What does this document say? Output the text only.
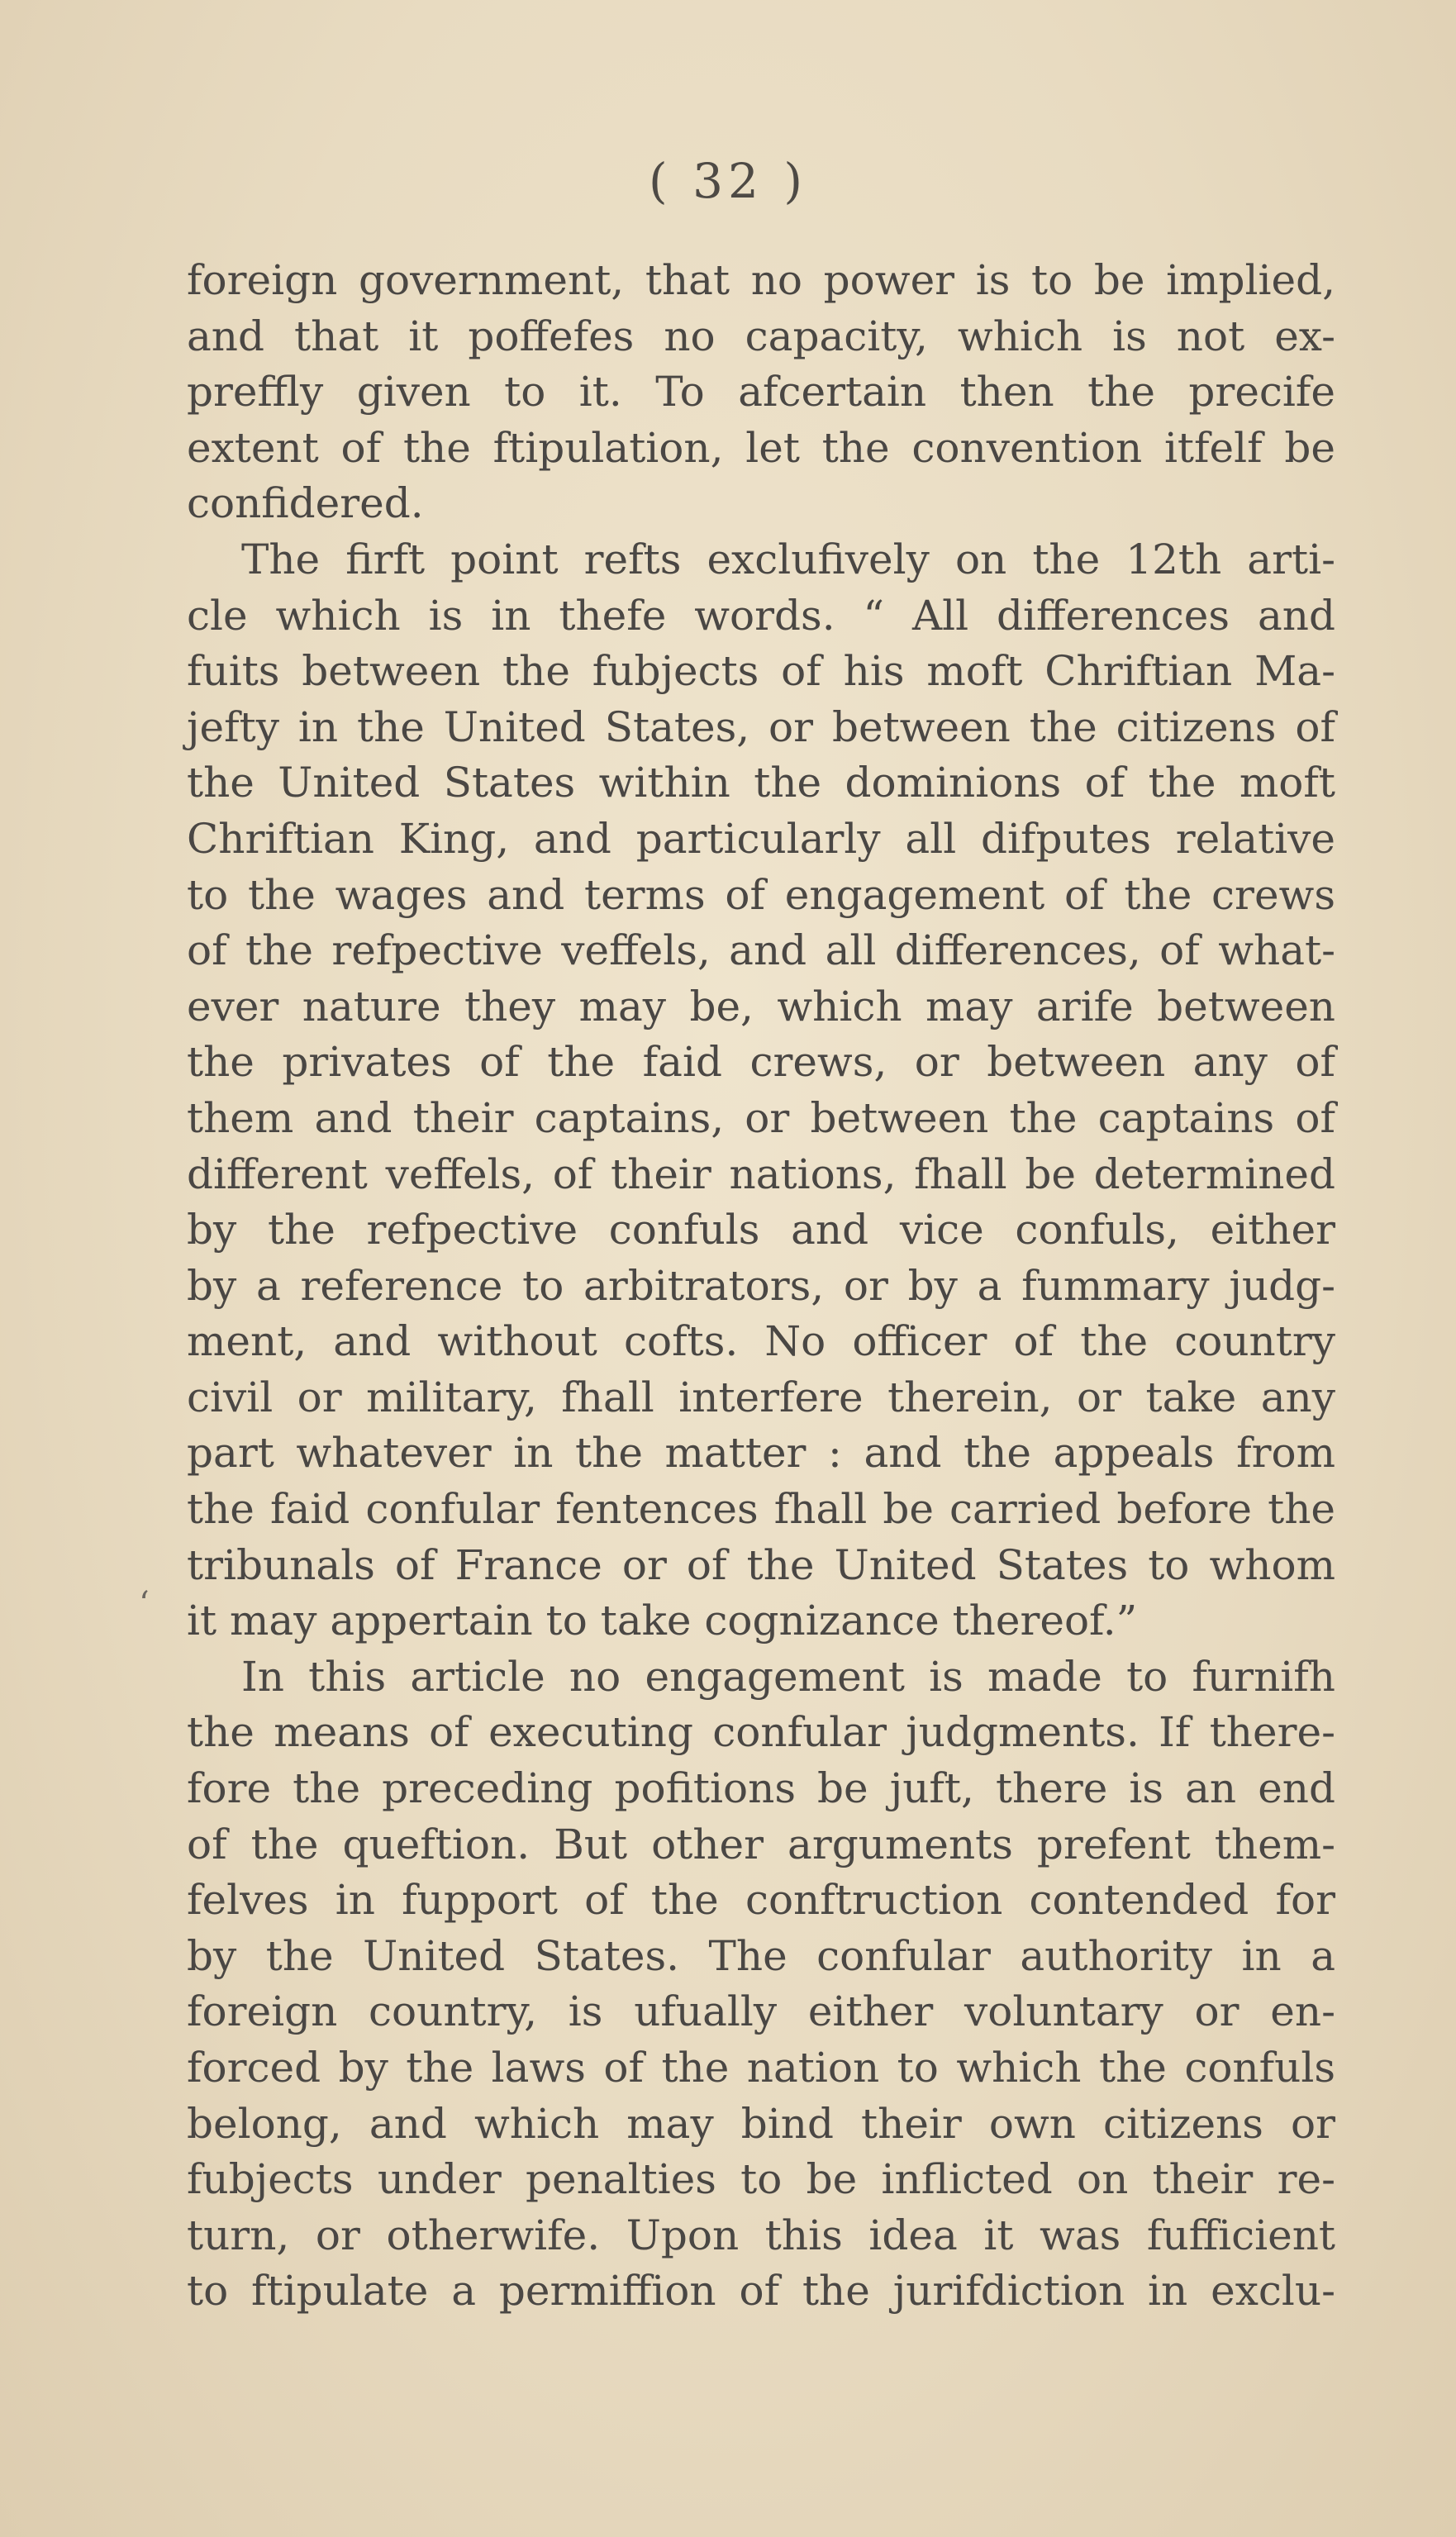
( 32 )
‘
foreign government, that no power is to be implied,
and that it poffefes no capacity, which is not ex-
preffly given to it. To afcertain then the precife
extent of the ftipulation, let the convention itfelf be
confidered.
The firft point refts exclufively on the 12th arti-
cle which is in thefe words. “ All differences and
fuits between the fubjects of his moft Chriftian Ma-
jefty in the United States, or between the citizens of
the United States within the dominions of the moft
Chriftian King, and particularly all difputes relative
to the wages and terms of engagement of the crews
of the refpective veffels, and all differences, of what-
ever nature they may be, which may arife between
the privates of the faid crews, or between any of
them and their captains, or between the captains of
different veffels, of their nations, fhall be determined
by the refpective confuls and vice confuls, either
by a reference to arbitrators, or by a fummary judg-
ment, and without cofts. No officer of the country
civil or military, fhall interfere therein, or take any
part whatever in the matter : and the appeals from
the faid confular fentences fhall be carried before the
tribunals of France or of the United States to whom
it may appertain to take cognizance thereof.”
In this article no engagement is made to furnifh
the means of executing confular judgments. If there-
fore the preceding pofitions be juft, there is an end
of the queftion. But other arguments prefent them-
felves in fupport of the conftruction contended for
by the United States. The confular authority in a
foreign country, is ufually either voluntary or en-
forced by the laws of the nation to which the confuls
belong, and which may bind their own citizens or
fubjects under penalties to be inflicted on their re-
turn, or otherwife. Upon this idea it was fufficient
to ftipulate a permiffion of the jurifdiction in exclu-
